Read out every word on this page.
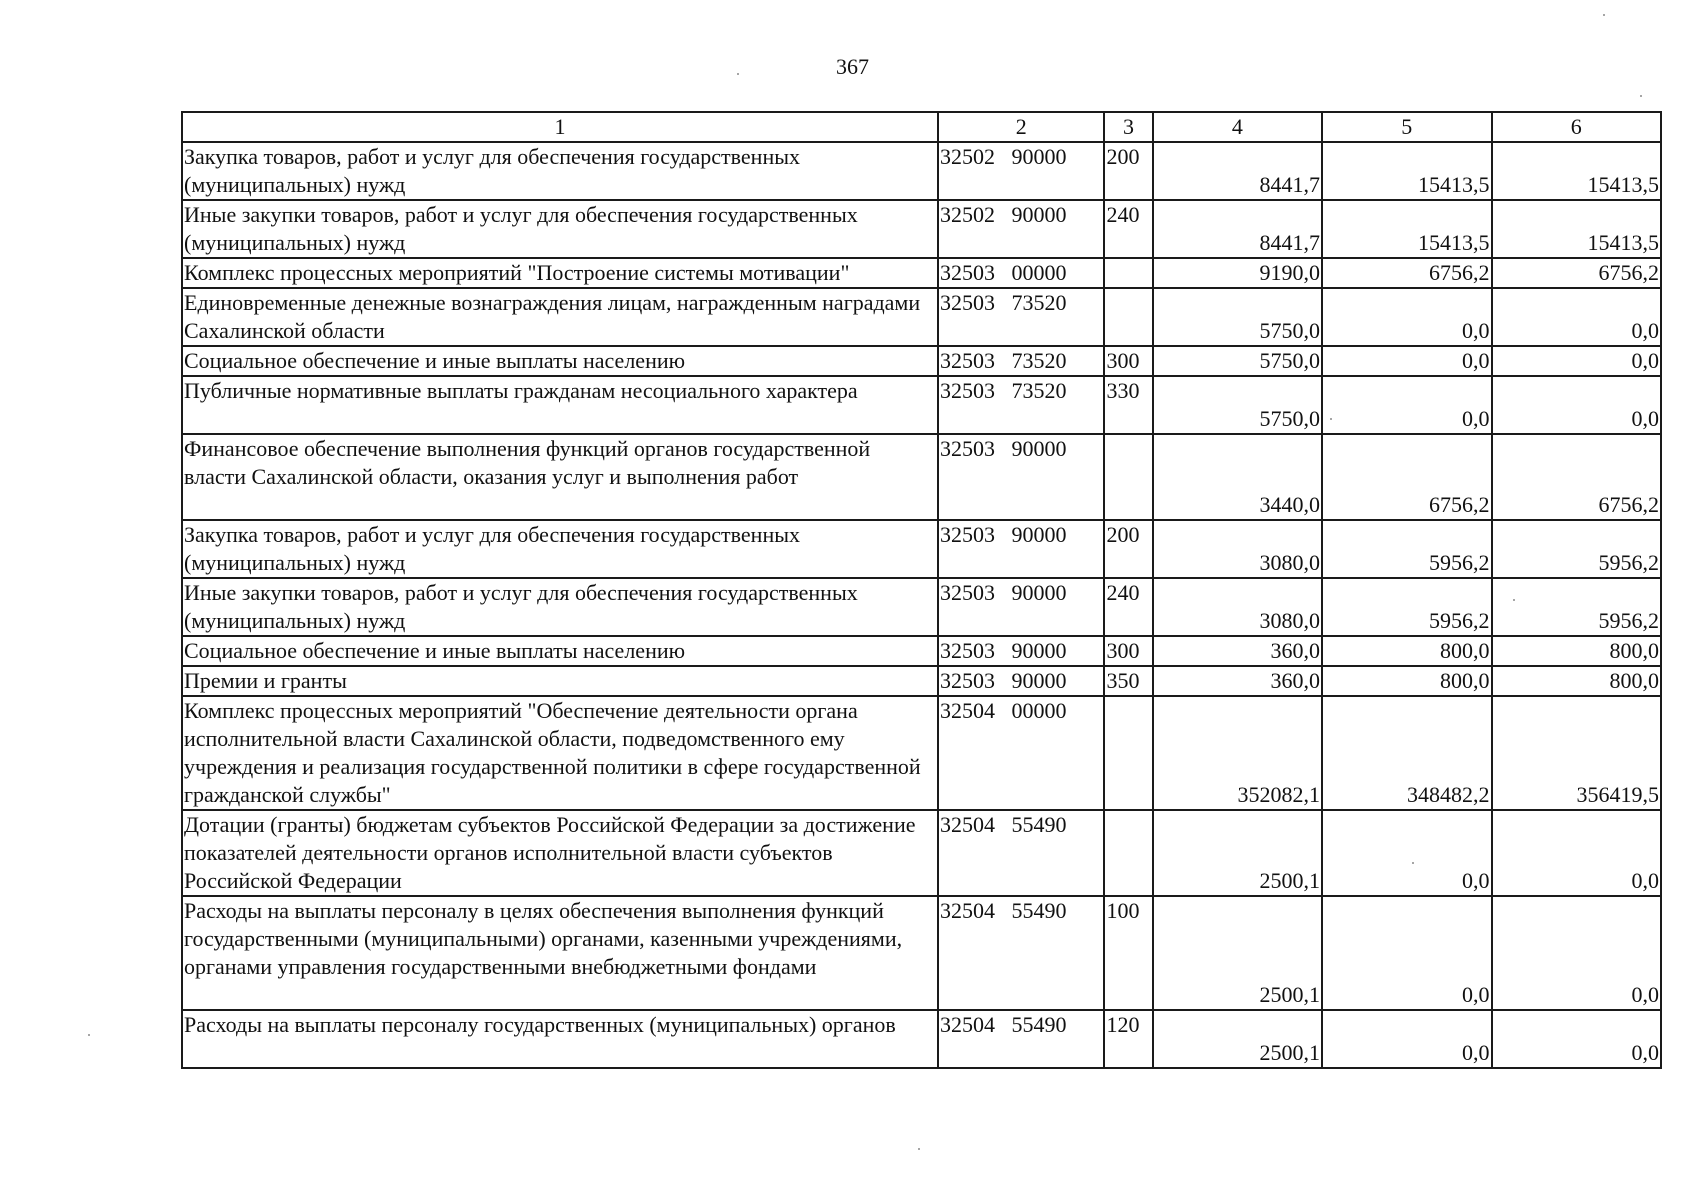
367
1	2	3	4	5	6
Закупка товаров, работ и услуг для обеспечения государственных (муниципальных) нужд	32502   90000	200	8441,7	15413,5	15413,5
Иные закупки товаров, работ и услуг для обеспечения государственных (муниципальных) нужд	32502   90000	240	8441,7	15413,5	15413,5
Комплекс процессных мероприятий "Построение системы мотивации"	32503   00000		9190,0	6756,2	6756,2
Единовременные денежные вознаграждения лицам, награжденным наградами Сахалинской области	32503   73520		5750,0	0,0	0,0
Социальное обеспечение и иные выплаты населению	32503   73520	300	5750,0	0,0	0,0
Публичные нормативные выплаты гражданам несоциального характера	32503   73520	330	5750,0	0,0	0,0
Финансовое обеспечение выполнения функций органов государственной власти Сахалинской области, оказания услуг и выполнения работ	32503   90000		3440,0	6756,2	6756,2
Закупка товаров, работ и услуг для обеспечения государственных (муниципальных) нужд	32503   90000	200	3080,0	5956,2	5956,2
Иные закупки товаров, работ и услуг для обеспечения государственных (муниципальных) нужд	32503   90000	240	3080,0	5956,2	5956,2
Социальное обеспечение и иные выплаты населению	32503   90000	300	360,0	800,0	800,0
Премии и гранты	32503   90000	350	360,0	800,0	800,0
Комплекс процессных мероприятий "Обеспечение деятельности органа исполнительной власти Сахалинской области, подведомственного ему учреждения и реализация государственной политики в сфере государственной гражданской службы"	32504   00000		352082,1	348482,2	356419,5
Дотации (гранты) бюджетам субъектов Российской Федерации за достижение показателей деятельности органов исполнительной власти субъектов Российской Федерации	32504   55490		2500,1	0,0	0,0
Расходы на выплаты персоналу в целях обеспечения выполнения функций государственными (муниципальными) органами, казенными учреждениями, органами управления государственными внебюджетными фондами	32504   55490	100	2500,1	0,0	0,0
Расходы на выплаты персоналу государственных (муниципальных) органов	32504   55490	120	2500,1	0,0	0,0
